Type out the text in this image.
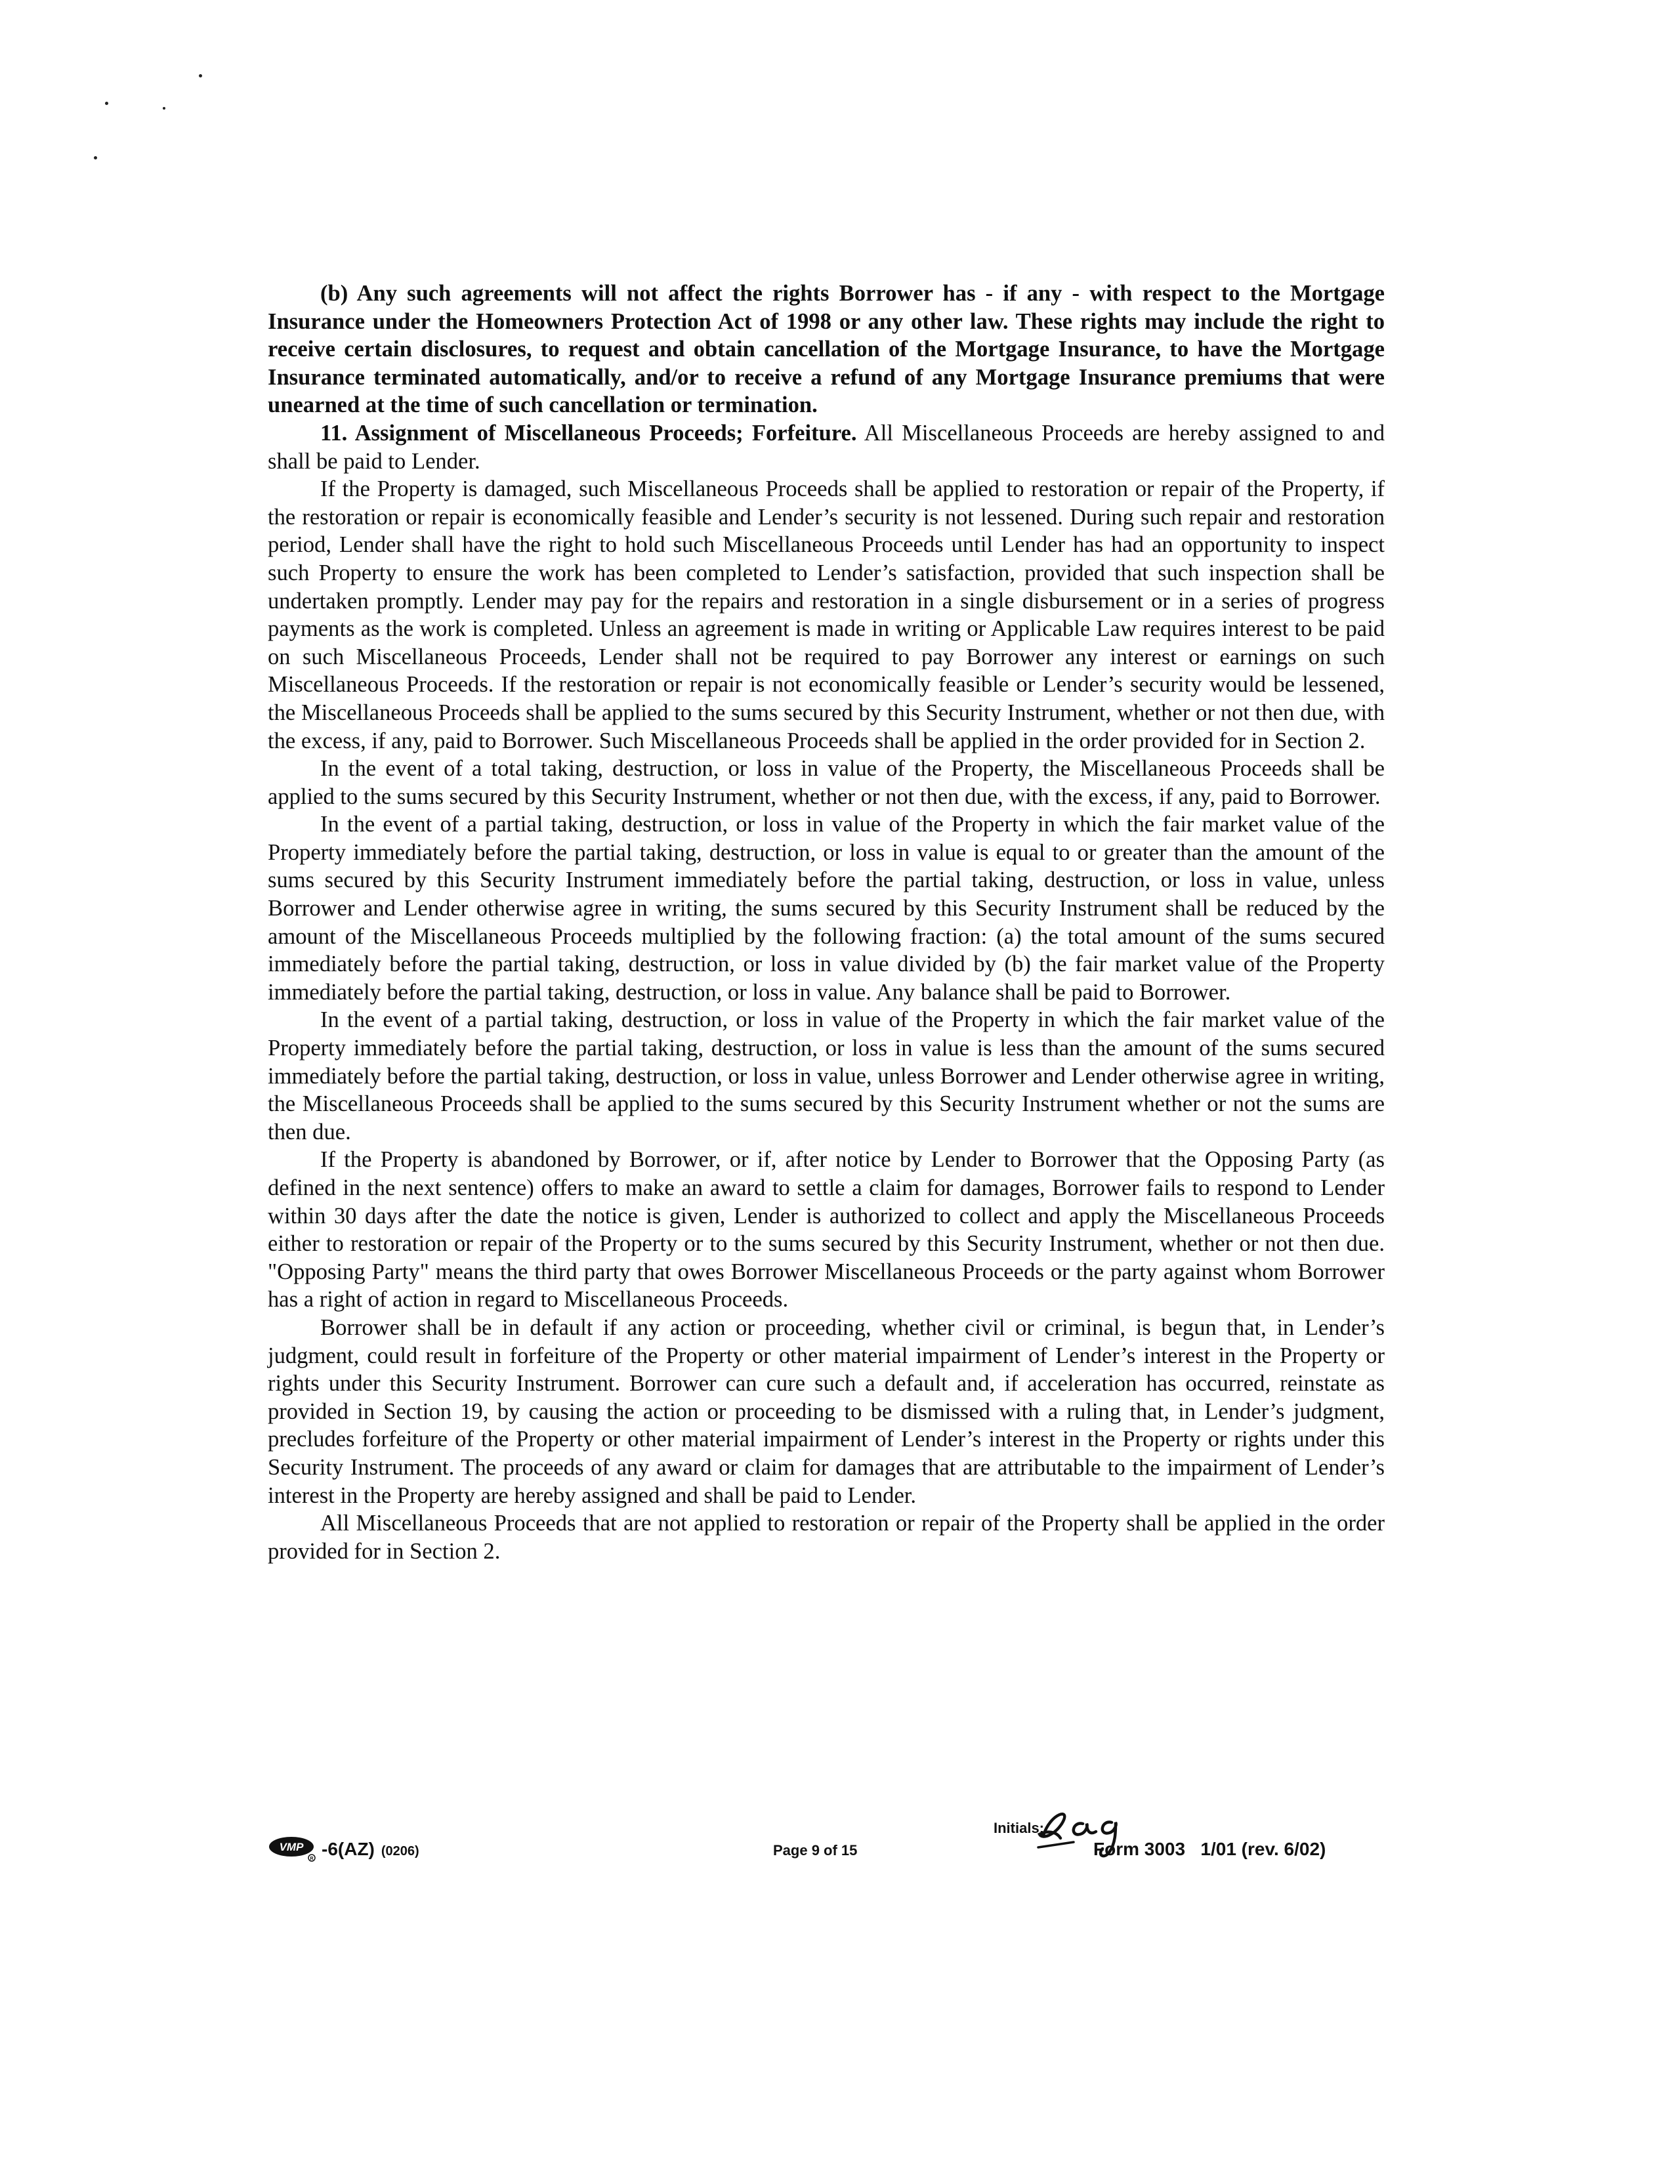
(b) Any such agreements will not affect the rights Borrower has - if any - with respect to the Mortgage Insurance under the Homeowners Protection Act of 1998 or any other law. These rights may include the right to receive certain disclosures, to request and obtain cancellation of the Mortgage Insurance, to have the Mortgage Insurance terminated automatically, and/or to receive a refund of any Mortgage Insurance premiums that were unearned at the time of such cancellation or termination.

11. Assignment of Miscellaneous Proceeds; Forfeiture. All Miscellaneous Proceeds are hereby assigned to and shall be paid to Lender.

If the Property is damaged, such Miscellaneous Proceeds shall be applied to restoration or repair of the Property, if the restoration or repair is economically feasible and Lender’s security is not lessened. During such repair and restoration period, Lender shall have the right to hold such Miscellaneous Proceeds until Lender has had an opportunity to inspect such Property to ensure the work has been completed to Lender’s satisfaction, provided that such inspection shall be undertaken promptly. Lender may pay for the repairs and restoration in a single disbursement or in a series of progress payments as the work is completed. Unless an agreement is made in writing or Applicable Law requires interest to be paid on such Miscellaneous Proceeds, Lender shall not be required to pay Borrower any interest or earnings on such Miscellaneous Proceeds. If the restoration or repair is not economically feasible or Lender’s security would be lessened, the Miscellaneous Proceeds shall be applied to the sums secured by this Security Instrument, whether or not then due, with the excess, if any, paid to Borrower. Such Miscellaneous Proceeds shall be applied in the order provided for in Section 2.

In the event of a total taking, destruction, or loss in value of the Property, the Miscellaneous Proceeds shall be applied to the sums secured by this Security Instrument, whether or not then due, with the excess, if any, paid to Borrower.

In the event of a partial taking, destruction, or loss in value of the Property in which the fair market value of the Property immediately before the partial taking, destruction, or loss in value is equal to or greater than the amount of the sums secured by this Security Instrument immediately before the partial taking, destruction, or loss in value, unless Borrower and Lender otherwise agree in writing, the sums secured by this Security Instrument shall be reduced by the amount of the Miscellaneous Proceeds multiplied by the following fraction: (a) the total amount of the sums secured immediately before the partial taking, destruction, or loss in value divided by (b) the fair market value of the Property immediately before the partial taking, destruction, or loss in value. Any balance shall be paid to Borrower.

In the event of a partial taking, destruction, or loss in value of the Property in which the fair market value of the Property immediately before the partial taking, destruction, or loss in value is less than the amount of the sums secured immediately before the partial taking, destruction, or loss in value, unless Borrower and Lender otherwise agree in writing, the Miscellaneous Proceeds shall be applied to the sums secured by this Security Instrument whether or not the sums are then due.

If the Property is abandoned by Borrower, or if, after notice by Lender to Borrower that the Opposing Party (as defined in the next sentence) offers to make an award to settle a claim for damages, Borrower fails to respond to Lender within 30 days after the date the notice is given, Lender is authorized to collect and apply the Miscellaneous Proceeds either to restoration or repair of the Property or to the sums secured by this Security Instrument, whether or not then due. "Opposing Party" means the third party that owes Borrower Miscellaneous Proceeds or the party against whom Borrower has a right of action in regard to Miscellaneous Proceeds.

Borrower shall be in default if any action or proceeding, whether civil or criminal, is begun that, in Lender’s judgment, could result in forfeiture of the Property or other material impairment of Lender’s interest in the Property or rights under this Security Instrument. Borrower can cure such a default and, if acceleration has occurred, reinstate as provided in Section 19, by causing the action or proceeding to be dismissed with a ruling that, in Lender’s judgment, precludes forfeiture of the Property or other material impairment of Lender’s interest in the Property or rights under this Security Instrument. The proceeds of any award or claim for damages that are attributable to the impairment of Lender’s interest in the Property are hereby assigned and shall be paid to Lender.

All Miscellaneous Proceeds that are not applied to restoration or repair of the Property shall be applied in the order provided for in Section 2.

VMP
R -6(AZ) (0206)	Page 9 of 15
Initials:
Form 3003   1/01 (rev. 6/02)
